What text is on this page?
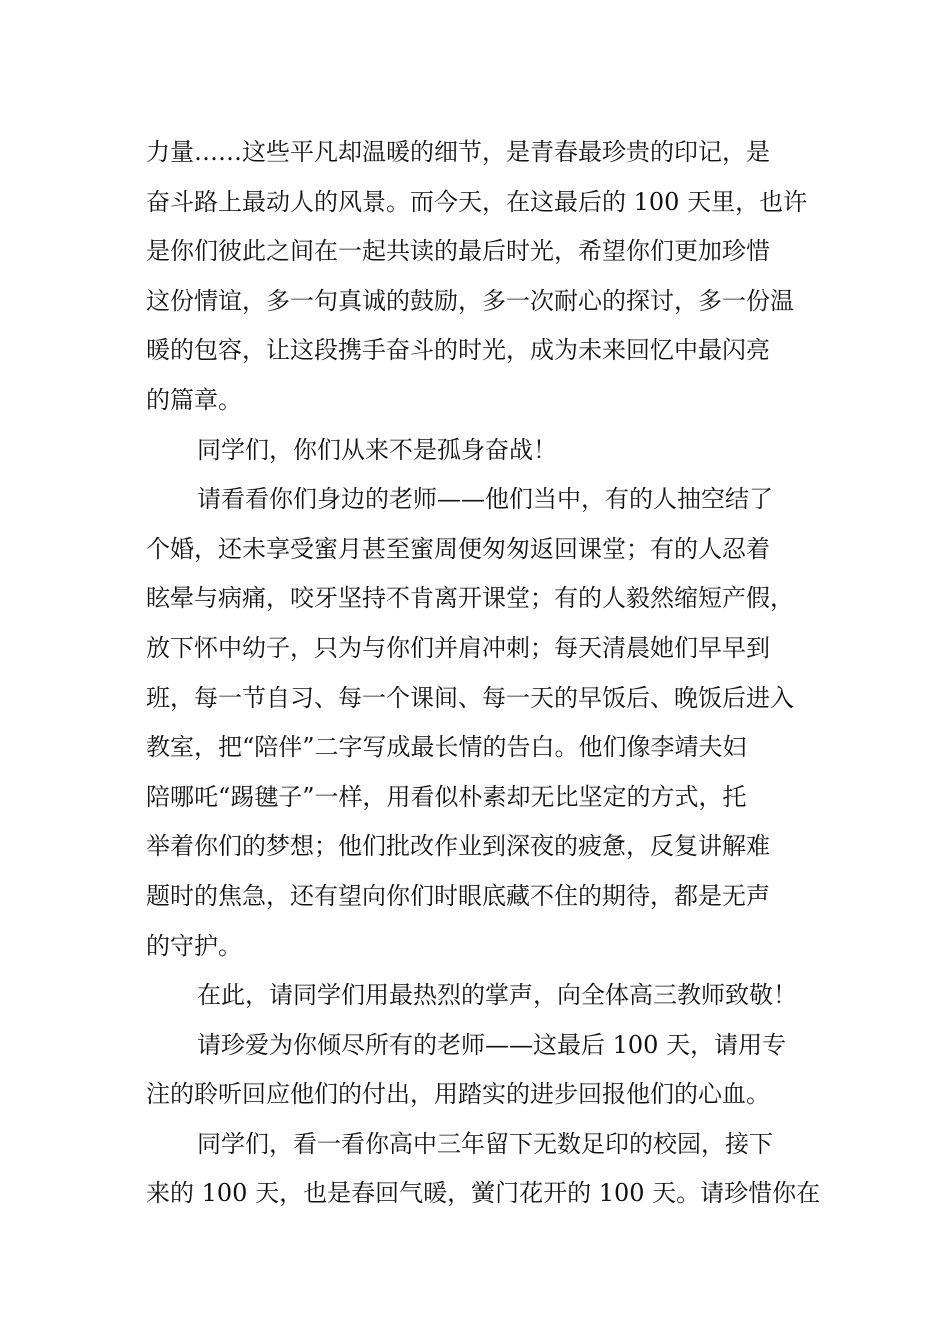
力量……这些平凡却温暖的细节，是青春最珍贵的印记，是
奋斗路上最动人的风景。而今天，在这最后的 100 天里，也许
是你们彼此之间在一起共读的最后时光，希望你们更加珍惜
这份情谊，多一句真诚的鼓励，多一次耐心的探讨，多一份温
暖的包容，让这段携手奋斗的时光，成为未来回忆中最闪亮
的篇章。
同学们，你们从来不是孤身奋战！
请看看你们身边的老师——他们当中，有的人抽空结了
个婚，还未享受蜜月甚至蜜周便匆匆返回课堂；有的人忍着
眩晕与病痛，咬牙坚持不肯离开课堂；有的人毅然缩短产假，
放下怀中幼子，只为与你们并肩冲刺；每天清晨她们早早到
班，每一节自习、每一个课间、每一天的早饭后、晚饭后进入
教室，把“陪伴”二字写成最长情的告白。他们像李靖夫妇
陪哪吒“踢毽子”一样，用看似朴素却无比坚定的方式，托
举着你们的梦想；他们批改作业到深夜的疲惫，反复讲解难
题时的焦急，还有望向你们时眼底藏不住的期待，都是无声
的守护。
在此，请同学们用最热烈的掌声，向全体高三教师致敬！
请珍爱为你倾尽所有的老师——这最后 100 天，请用专
注的聆听回应他们的付出，用踏实的进步回报他们的心血。
同学们，看一看你高中三年留下无数足印的校园，接下
来的 100 天，也是春回气暖，黉门花开的 100 天。请珍惜你在
